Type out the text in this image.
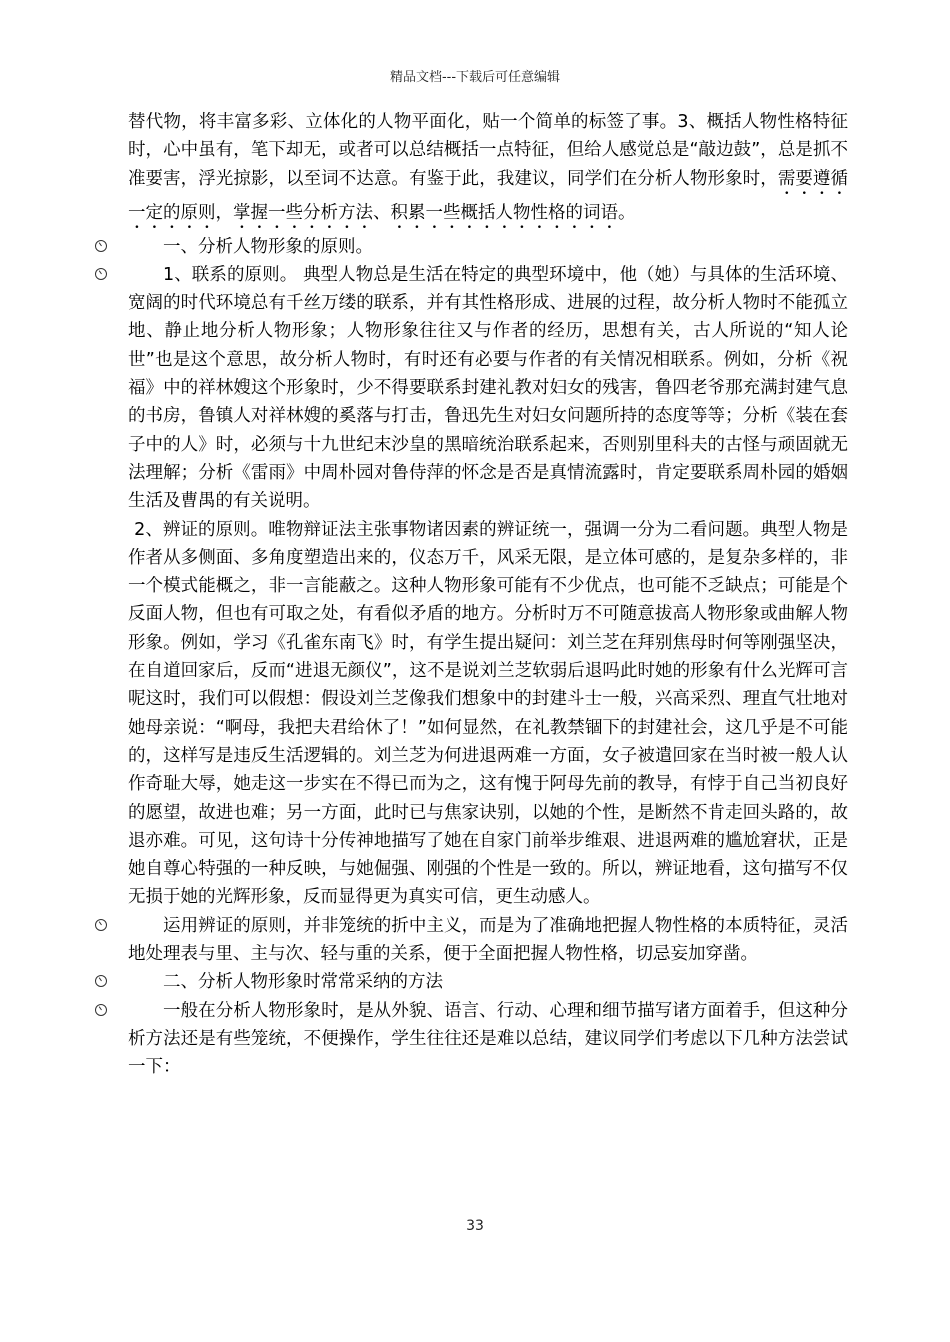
精品文档---下载后可任意编辑

替代物，将丰富多彩、立体化的人物平面化，贴一个简单的标签了事。3、概括人物性格特征时，心中虽有，笔下却无，或者可以总结概括一点特征，但给人感觉总是“敲边鼓”，总是抓不准要害，浮光掠影，以至词不达意。有鉴于此，我建议，同学们在分析人物形象时，需要遵循一定的原则，掌握一些分析方法、积累一些概括人物性格的词语。

一、分析人物形象的原则。

1、联系的原则。 典型人物总是生活在特定的典型环境中，他（她）与具体的生活环境、宽阔的时代环境总有千丝万缕的联系，并有其性格形成、进展的过程，故分析人物时不能孤立地、静止地分析人物形象；人物形象往往又与作者的经历，思想有关，古人所说的“知人论世”也是这个意思，故分析人物时，有时还有必要与作者的有关情况相联系。例如，分析《祝福》中的祥林嫂这个形象时，少不得要联系封建礼教对妇女的残害，鲁四老爷那充满封建气息的书房，鲁镇人对祥林嫂的奚落与打击，鲁迅先生对妇女问题所持的态度等等；分析《装在套子中的人》时，必须与十九世纪末沙皇的黑暗统治联系起来，否则别里科夫的古怪与顽固就无法理解；分析《雷雨》中周朴园对鲁侍萍的怀念是否是真情流露时，肯定要联系周朴园的婚姻生活及曹禺的有关说明。

2、辨证的原则。唯物辩证法主张事物诸因素的辨证统一，强调一分为二看问题。典型人物是作者从多侧面、多角度塑造出来的，仪态万千，风采无限，是立体可感的，是复杂多样的，非一个模式能概之，非一言能蔽之。这种人物形象可能有不少优点，也可能不乏缺点；可能是个反面人物，但也有可取之处，有看似矛盾的地方。分析时万不可随意拔高人物形象或曲解人物形象。例如，学习《孔雀东南飞》时，有学生提出疑问：刘兰芝在拜别焦母时何等刚强坚决，在自道回家后，反而“进退无颜仪”，这不是说刘兰芝软弱后退吗此时她的形象有什么光辉可言呢这时，我们可以假想：假设刘兰芝像我们想象中的封建斗士一般，兴高采烈、理直气壮地对她母亲说：“啊母，我把夫君给休了！”如何显然，在礼教禁锢下的封建社会，这几乎是不可能的，这样写是违反生活逻辑的。刘兰芝为何进退两难一方面，女子被遣回家在当时被一般人认作奇耻大辱，她走这一步实在不得已而为之，这有愧于阿母先前的教导，有悖于自己当初良好的愿望，故进也难；另一方面，此时已与焦家诀别，以她的个性，是断然不肯走回头路的，故退亦难。可见，这句诗十分传神地描写了她在自家门前举步维艰、进退两难的尴尬窘状，正是她自尊心特强的一种反映，与她倔强、刚强的个性是一致的。所以，辨证地看，这句描写不仅无损于她的光辉形象，反而显得更为真实可信，更生动感人。

运用辨证的原则，并非笼统的折中主义，而是为了准确地把握人物性格的本质特征，灵活地处理表与里、主与次、轻与重的关系，便于全面把握人物性格，切忌妄加穿凿。

二、分析人物形象时常常采纳的方法

一般在分析人物形象时，是从外貌、语言、行动、心理和细节描写诸方面着手，但这种分析方法还是有些笼统，不便操作，学生往往还是难以总结，建议同学们考虑以下几种方法尝试一下：

33
